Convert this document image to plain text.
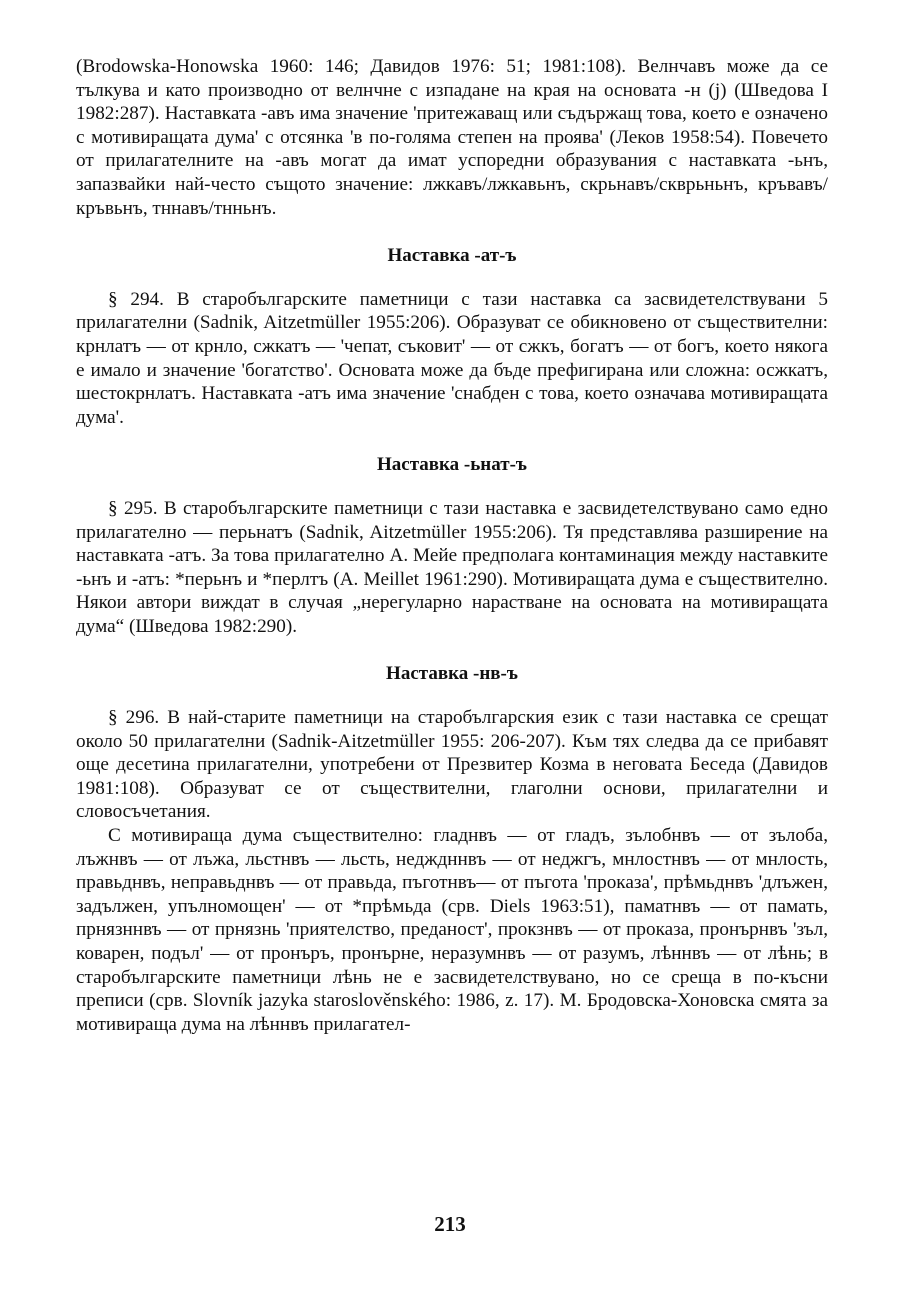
(Brodowska-Honowska 1960: 146; Давидов 1976: 51; 1981:108). Велнчавъ може да се тълкува и като производно от велнчне с изпадане на края на основата -н (j) (Шведова I 1982:287). Наставката -авъ има значение 'притежаващ или съдържащ това, което е означено с мотивиращата дума' с отсянка 'в по-голяма степен на проява' (Леков 1958:54). Повечето от прилагателните на -авъ могат да имат успоредни образувания с наставката -ьнъ, запазвайки най-често същото значение: лжкавъ/лжкавьнъ, скрьнавъ/скврьньнъ, кръвавъ/кръвьнъ, тннавъ/тнньнъ.

Наставка -ат-ъ

§ 294. В старобългарските паметници с тази наставка са засвидетелствувани 5 прилагателни (Sadnik, Aitzetmüller 1955:206). Образуват се обикновено от съществителни: крнлатъ — от крнло, сжкатъ — 'чепат, съковит' — от сжкъ, богатъ — от богъ, което някога е имало и значение 'богатство'. Основата може да бъде префигирана или сложна: осжкатъ, шестокрнлатъ. Наставката -атъ има значение 'снабден с това, което означава мотивиращата дума'.

Наставка -ьнат-ъ

§ 295. В старобългарските паметници с тази наставка е засвидетелствувано само едно прилагателно — перьнатъ (Sadnik, Aitzetmüller 1955:206). Тя представлява разширение на наставката -атъ. За това прилагателно А. Мейе предполага контаминация между наставките -ьнъ и -атъ: *перьнъ и *перлтъ (A. Meillet 1961:290). Мотивиращата дума е съществително. Някои автори виждат в случая „нерегуларно нарастване на основата на мотивиращата дума“ (Шведова 1982:290).

Наставка -нв-ъ

§ 296. В най-старите паметници на старобългарския език с тази наставка се срещат около 50 прилагателни (Sadnik-Aitzetmüller 1955: 206-207). Към тях следва да се прибавят още десетина прилагателни, употребени от Презвитер Козма в неговата Беседа (Давидов 1981:108). Образуват се от съществителни, глаголни основи, прилагателни и словосъчетания.

С мотивираща дума съществително: гладнвъ — от гладъ, зълобнвъ — от зълоба, лъжнвъ — от лъжа, льстнвъ — льсть, недждннвъ — от неджгъ, мнлостнвъ — от мнлость, правьднвъ, неправьднвъ — от правьда, пъготнвъ— от пъгота 'проказа', прѣмьднвъ 'длъжен, задължен, упълномощен' — от *прѣмьда (срв. Diels 1963:51), паматнвъ — от памать, прнязннвъ — от прнязнь 'приятелство, преданост', прокзнвъ — от проказа, пронърнвъ 'зъл, коварен, подъл' — от пронъръ, пронърне, неразумнвъ — от разумъ, лѣннвъ — от лѣнь; в старобългарските паметници лѣнь не е засвидетелствувано, но се среща в по-късни преписи (срв. Slovník jazyka staroslověnského: 1986, z. 17). М. Бродовска-Хоновска смята за мотивираща дума на лѣннвъ прилагател-

213
